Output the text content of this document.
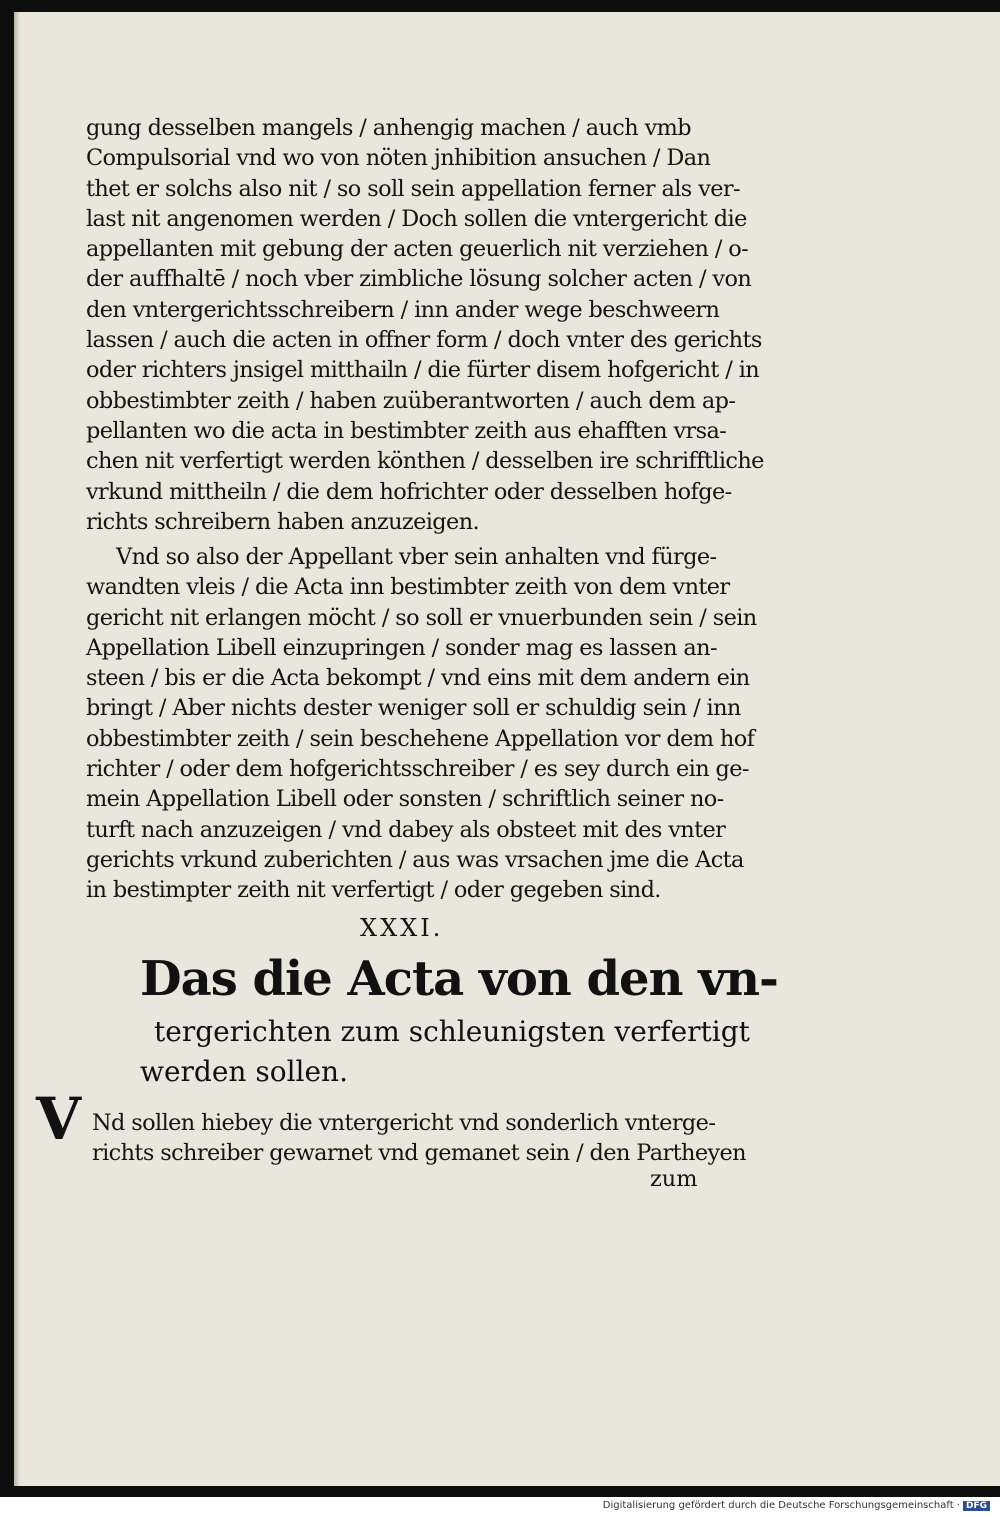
gung desselben mangels / anhengig machen / auch vmb
Compulsorial vnd wo von nöten jnhibition ansuchen / Dan
thet er solchs also nit / so soll sein appellation ferner als ver-
last nit angenomen werden / Doch sollen die vntergericht die
appellanten mit gebung der acten geuerlich nit verziehen / o-
der auffhaltē / noch vber zimbliche lösung solcher acten / von
den vntergerichtsschreibern / inn ander wege beschweern
lassen / auch die acten in offner form / doch vnter des gerichts
oder richters jnsigel mitthailn / die fürter disem hofgericht / in
obbestimbter zeith / haben zuüberantworten / auch dem ap-
pellanten wo die acta in bestimbter zeith aus ehafften vrsa-
chen nit verfertigt werden könthen / desselben ire schrifftliche
vrkund mittheiln / die dem hofrichter oder desselben hofge-
richts schreibern haben anzuzeigen.
Vnd so also der Appellant vber sein anhalten vnd fürge-
wandten vleis / die Acta inn bestimbter zeith von dem vnter
gericht nit erlangen möcht / so soll er vnuerbunden sein / sein
Appellation Libell einzupringen / sonder mag es lassen an-
steen / bis er die Acta bekompt / vnd eins mit dem andern ein
bringt / Aber nichts dester weniger soll er schuldig sein / inn
obbestimbter zeith / sein beschehene Appellation vor dem hof
richter / oder dem hofgerichtsschreiber / es sey durch ein ge-
mein Appellation Libell oder sonsten / schriftlich seiner no-
turft nach anzuzeigen / vnd dabey als obsteet mit des vnter
gerichts vrkund zuberichten / aus was vrsachen jme die Acta
in bestimpter zeith nit verfertigt / oder gegeben sind.
XXXI.
Das die Acta von den vn-
tergerichten zum schleunigsten verfertigt
werden sollen.
V Nd sollen hiebey die vntergericht vnd sonderlich vnterge-
richts schreiber gewarnet vnd gemanet sein / den Partheyen
zum
Digitalisierung gefördert durch die Deutsche Forschungsgemeinschaft · DFG
